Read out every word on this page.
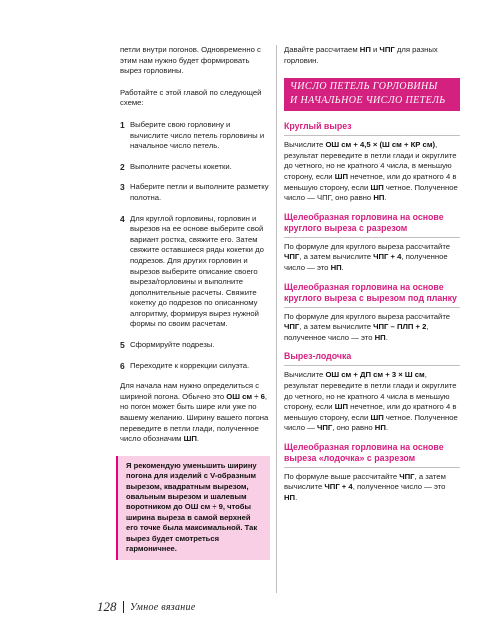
петли внутри погонов. Одновременно с этим нам нужно будет формировать вырез горловины.

Работайте с этой главой по следующей схеме:

1 Выберите свою горловину и вычислите число петель горловины и начальное число петель.
2 Выполните расчеты кокетки.
3 Наберите петли и выполните разметку полотна.
4 Для круглой горловины, горловин и вырезов на ее основе выберите свой вариант ростка, свяжите его. Затем свяжите оставшиеся ряды кокетки до подрезов. Для других горловин и вырезов выберите описание своего выреза/горловины и выполните дополнительные расчеты. Свяжите кокетку до подрезов по описанному алгоритму, формируя вырез нужной формы по своим расчетам.
5 Сформируйте подрезы.
6 Переходите к коррекции силуэта.

Для начала нам нужно определиться с шириной погона. Обычно это ОШ см ÷ 6, но погон может быть шире или уже по вашему желанию. Ширину вашего погона переведите в петли глади, полученное число обозначим ШП.

Я рекомендую уменьшить ширину погона для изделий с V-образным вырезом, квадратным вырезом, овальным вырезом и шалевым воротником до ОШ см ÷ 9, чтобы ширина выреза в самой верхней его точке была максимальной. Так вырез будет смотреться гармоничнее.

Давайте рассчитаем НП и ЧПГ для разных горловин.

ЧИСЛО ПЕТЕЛЬ ГОРЛОВИНЫ
И НАЧАЛЬНОЕ ЧИСЛО ПЕТЕЛЬ
Круглый вырез

Вычислите ОШ см + 4,5 × (Ш см + КР см), результат переведите в петли глади и округлите до четного, но не кратного 4 числа, в меньшую сторону, если ШП нечетное, или до кратного 4 в меньшую сторону, если ШП четное. Полученное число — ЧПГ, оно равно НП.

Щелеобразная горловина на основе круглого выреза с разрезом

По формуле для круглого выреза рассчитайте ЧПГ, а затем вычислите ЧПГ + 4, полученное число — это НП.

Щелеобразная горловина на основе круглого выреза с вырезом под планку

По формуле для круглого выреза рассчитайте ЧПГ, а затем вычислите ЧПГ – ПЛП + 2, полученное число — это НП.

Вырез-лодочка

Вычислите ОШ см + ДП см + 3 × Ш см, результат переведите в петли глади и округлите до четного, но не кратного 4 числа в меньшую сторону, если ШП нечетное, или до кратного 4 в меньшую сторону, если ШП четное. Полученное число — ЧПГ, оно равно НП.

Щелеобразная горловина на основе выреза «лодочка» с разрезом

По формуле выше рассчитайте ЧПГ, а затем вычислите ЧПГ + 4, полученное число — это НП.

128 Умное вязание
